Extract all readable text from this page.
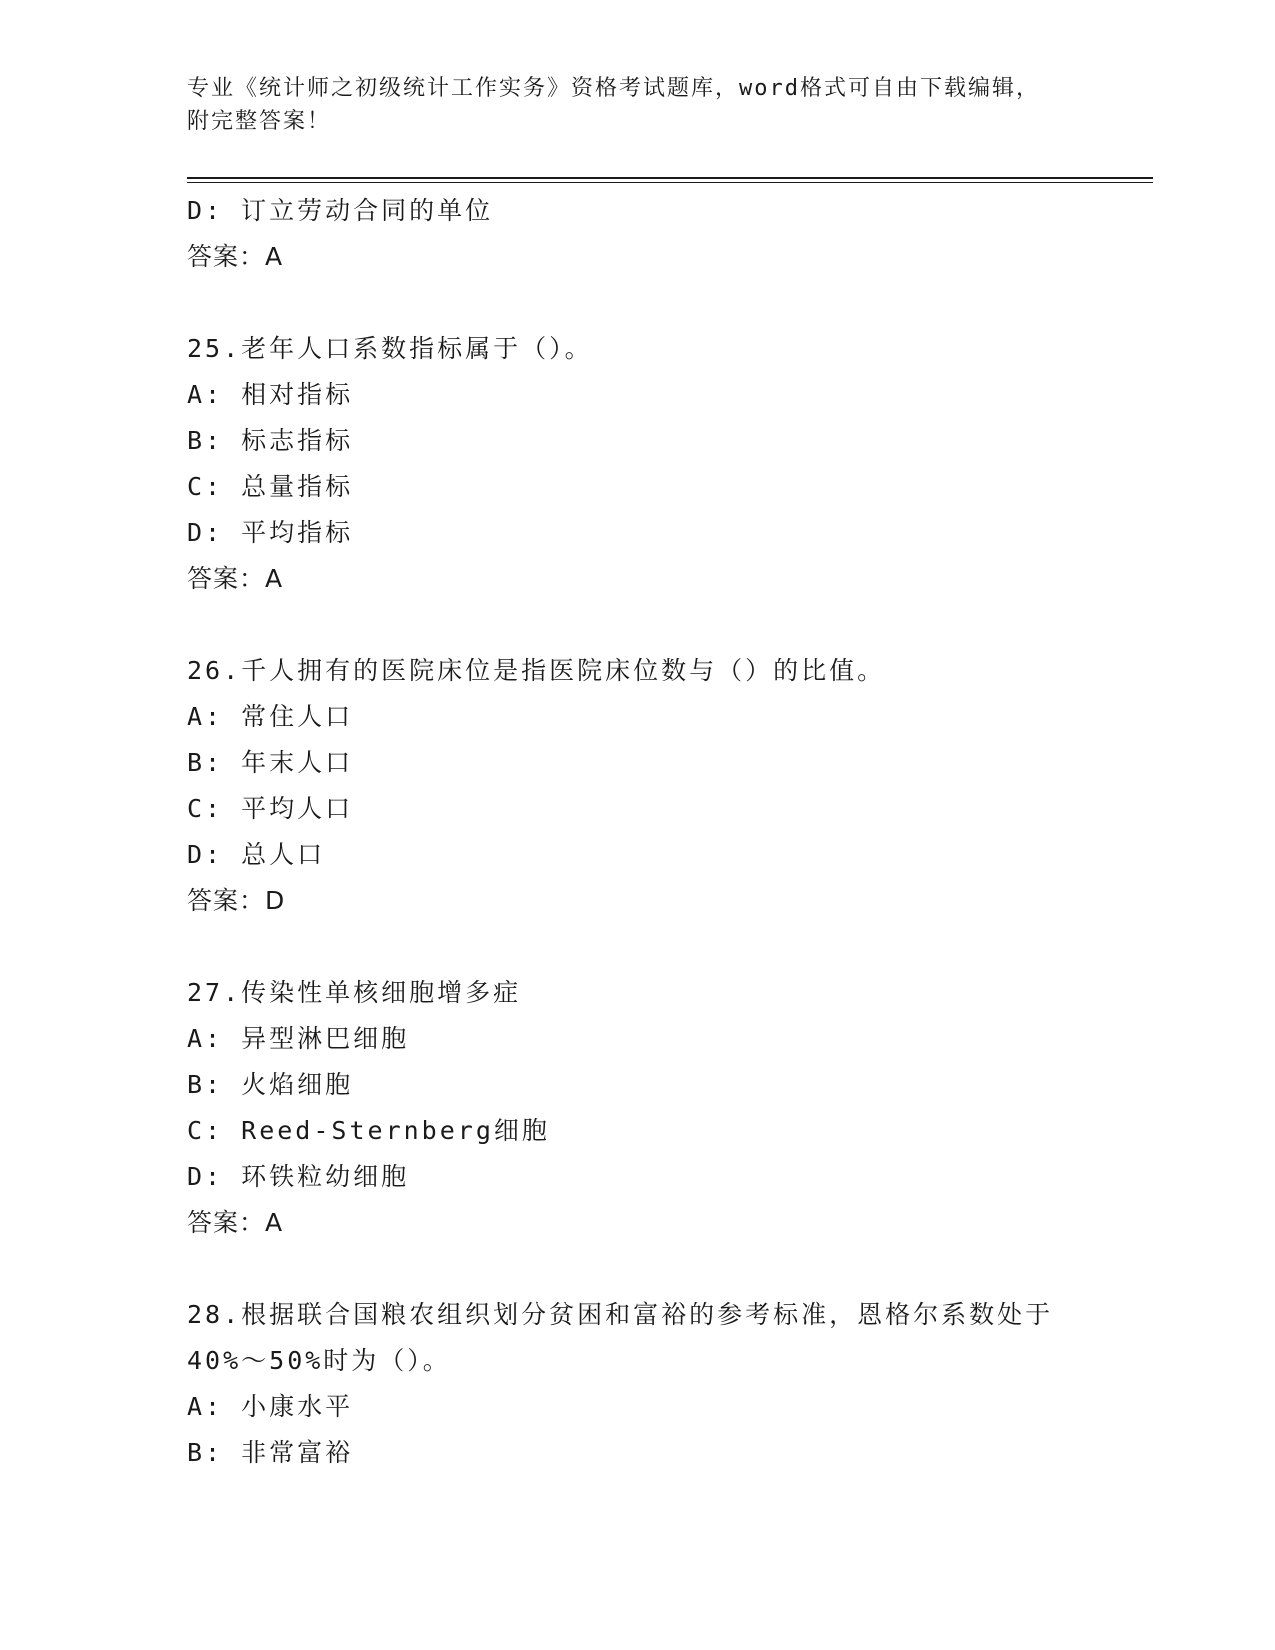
专业《统计师之初级统计工作实务》资格考试题库，word格式可自由下载编辑，
附完整答案！
D: 订立劳动合同的单位
答案：A
25.老年人口系数指标属于（）。
A: 相对指标
B: 标志指标
C: 总量指标
D: 平均指标
答案：A
26.千人拥有的医院床位是指医院床位数与（）的比值。
A: 常住人口
B: 年末人口
C: 平均人口
D: 总人口
答案：D
27.传染性单核细胞增多症
A: 异型淋巴细胞
B: 火焰细胞
C: Reed-Sternberg细胞
D: 环铁粒幼细胞
答案：A
28.根据联合国粮农组织划分贫困和富裕的参考标准，恩格尔系数处于
40%～50%时为（）。
A: 小康水平
B: 非常富裕
